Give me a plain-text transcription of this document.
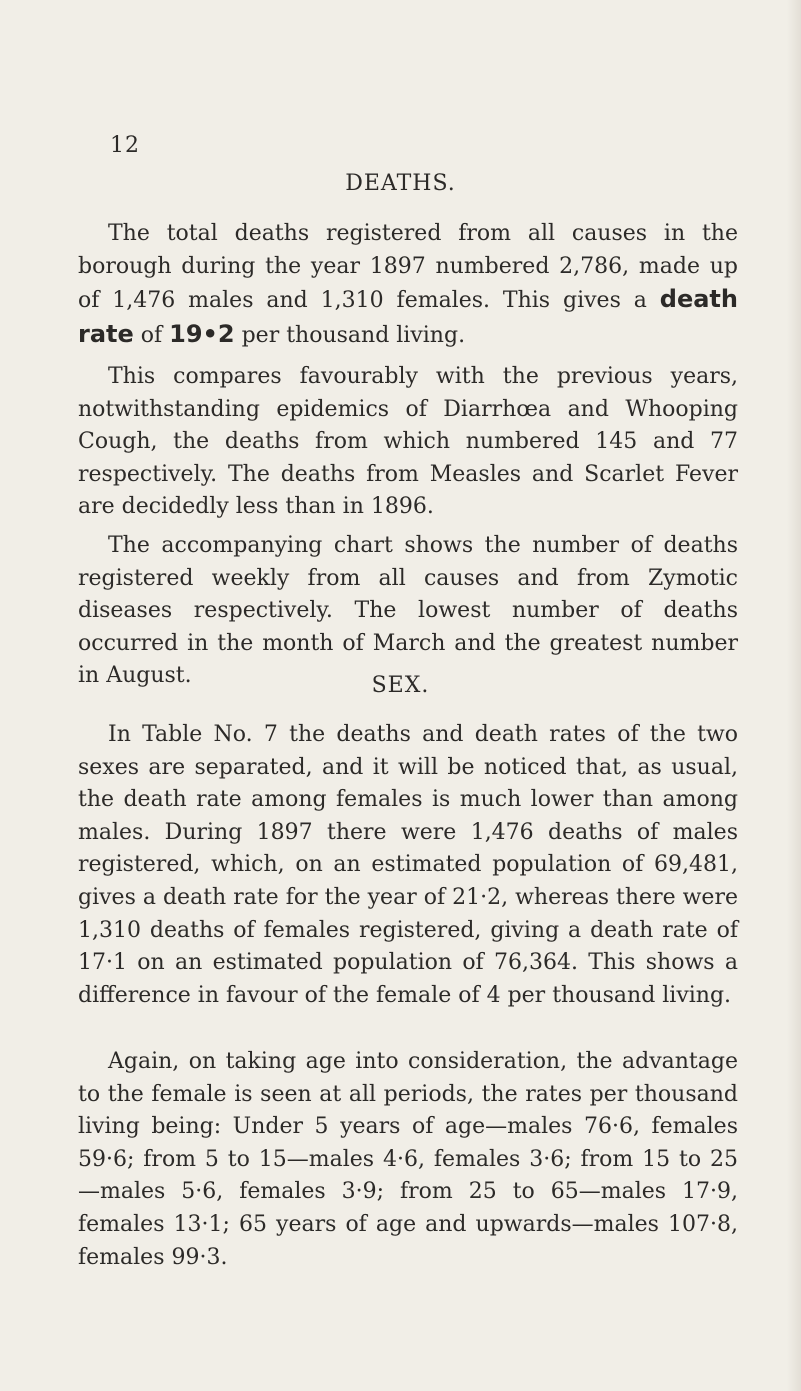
12
DEATHS.

The total deaths registered from all causes in the borough during the year 1897 numbered 2,786, made up of 1,476 males and 1,310 females. This gives a death rate of 19•2 per thousand living.

This compares favourably with the previous years, notwithstanding epidemics of Diarrhœa and Whooping Cough, the deaths from which numbered 145 and 77 respectively. The deaths from Measles and Scarlet Fever are decidedly less than in 1896.

The accompanying chart shows the number of deaths registered weekly from all causes and from Zymotic diseases respectively. The lowest number of deaths occurred in the month of March and the greatest number in August.	SEX.

In Table No. 7 the deaths and death rates of the two sexes are separated, and it will be noticed that, as usual, the death rate among females is much lower than among males. During 1897 there were 1,476 deaths of males registered, which, on an estimated population of 69,481, gives a death rate for the year of 21·2, whereas there were 1,310 deaths of females registered, giving a death rate of 17·1 on an estimated population of 76,364. This shows a difference in favour of the female of 4 per thousand living.

Again, on taking age into consideration, the advantage to the female is seen at all periods, the rates per thousand living being: Under 5 years of age—males 76·6, females 59·6; from 5 to 15—males 4·6, females 3·6; from 15 to 25—males 5·6, females 3·9; from 25 to 65—males 17·9, females 13·1; 65 years of age and upwards—males 107·8, females 99·3.
